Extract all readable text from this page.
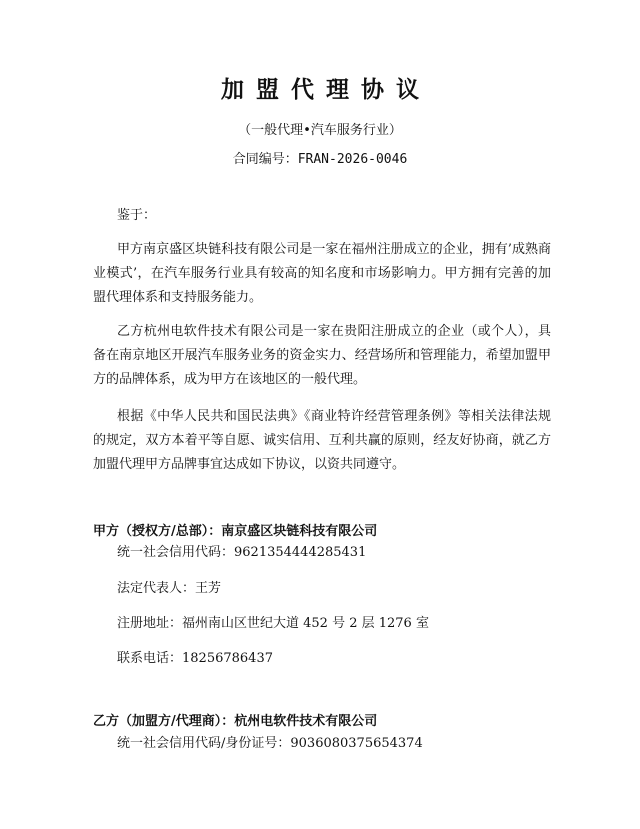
加盟代理协议
（一般代理•汽车服务行业）
合同编号：FRAN-2026-0046
鉴于：
甲方南京盛区块链科技有限公司是一家在福州注册成立的企业，拥有’成熟商业模式’，在汽车服务行业具有较高的知名度和市场影响力。甲方拥有完善的加盟代理体系和支持服务能力。
乙方杭州电软件技术有限公司是一家在贵阳注册成立的企业（或个人），具备在南京地区开展汽车服务业务的资金实力、经营场所和管理能力，希望加盟甲方的品牌体系，成为甲方在该地区的一般代理。
根据《中华人民共和国民法典》《商业特许经营管理条例》等相关法律法规的规定，双方本着平等自愿、诚实信用、互利共赢的原则，经友好协商，就乙方加盟代理甲方品牌事宜达成如下协议，以资共同遵守。
甲方（授权方/总部）：南京盛区块链科技有限公司
统一社会信用代码：9621354444285431
法定代表人：王芳
注册地址：福州南山区世纪大道 452 号 2 层 1276 室
联系电话：18256786437
乙方（加盟方/代理商）：杭州电软件技术有限公司
统一社会信用代码/身份证号：9036080375654374
